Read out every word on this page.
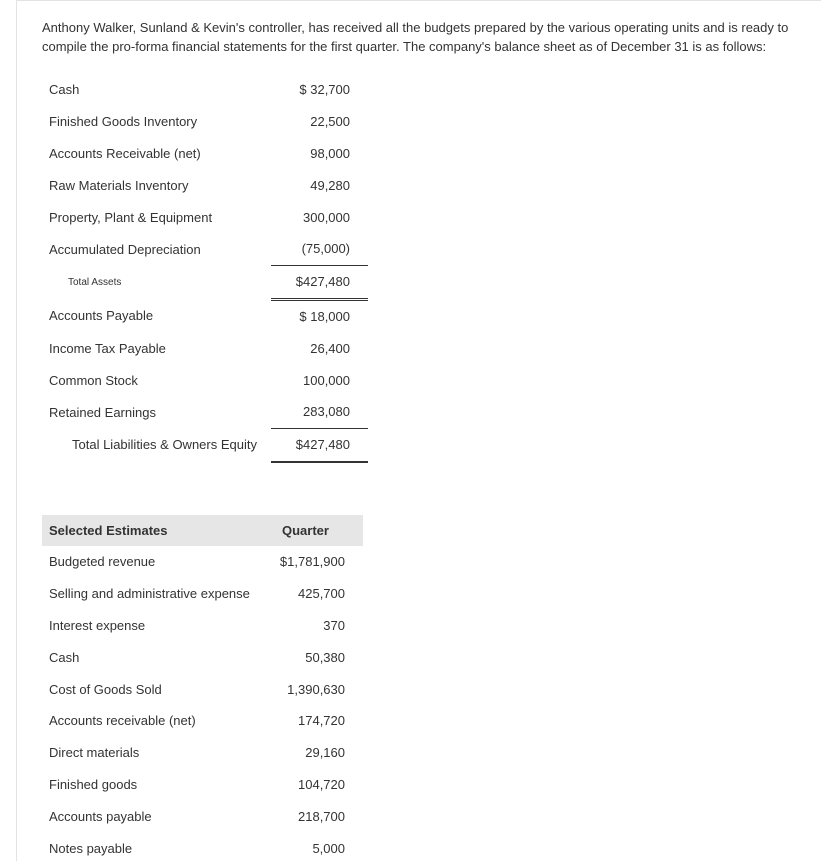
Anthony Walker, Sunland & Kevin's controller, has received all the budgets prepared by the various operating units and is ready to compile the pro-forma financial statements for the first quarter. The company's balance sheet as of December 31 is as follows:
Cash	$ 32,700
Finished Goods Inventory	22,500
Accounts Receivable (net)	98,000
Raw Materials Inventory	49,280
Property, Plant & Equipment	300,000
Accumulated Depreciation	(75,000)
Total Assets	$427,480
Accounts Payable	$ 18,000
Income Tax Payable	26,400
Common Stock	100,000
Retained Earnings	283,080
Total Liabilities & Owners Equity	$427,480
Selected Estimates	Quarter
Budgeted revenue	$1,781,900
Selling and administrative expense	425,700
Interest expense	370
Cash	50,380
Cost of Goods Sold	1,390,630
Accounts receivable (net)	174,720
Direct materials	29,160
Finished goods	104,720
Accounts payable	218,700
Notes payable	5,000
